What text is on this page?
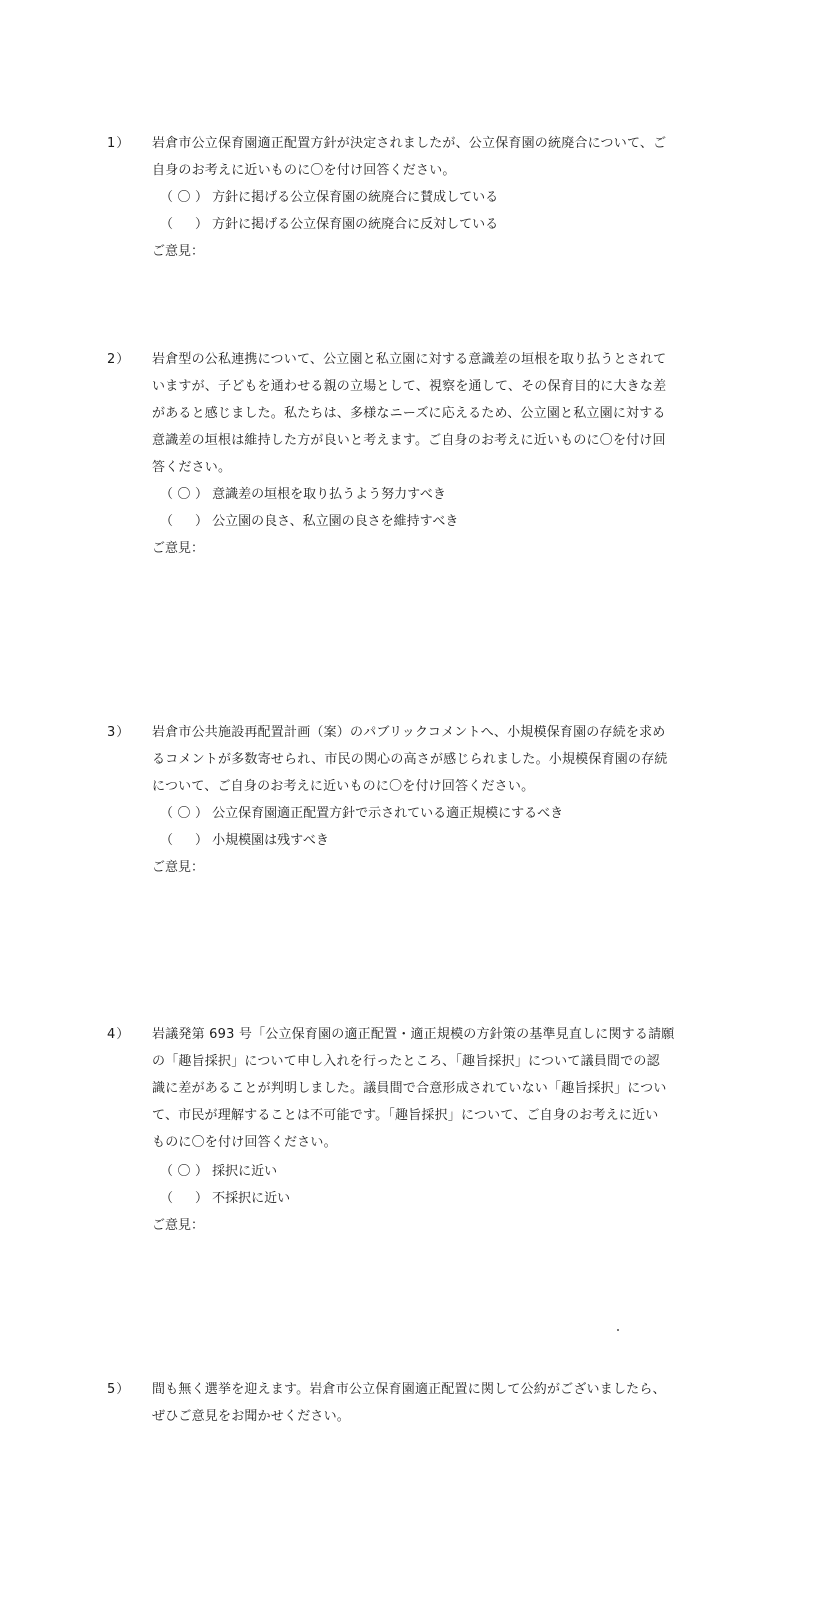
1） 岩倉市公立保育園適正配置方針が決定されましたが、公立保育園の統廃合について、ご
自身のお考えに近いものに〇を付け回答ください。
（ 〇 ） 方針に掲げる公立保育園の統廃合に賛成している
（ ） 方針に掲げる公立保育園の統廃合に反対している
ご意見：
2） 岩倉型の公私連携について、公立園と私立園に対する意識差の垣根を取り払うとされて
いますが、子どもを通わせる親の立場として、視察を通して、その保育目的に大きな差
があると感じました。私たちは、多様なニーズに応えるため、公立園と私立園に対する
意識差の垣根は維持した方が良いと考えます。ご自身のお考えに近いものに〇を付け回
答ください。
（ 〇 ） 意識差の垣根を取り払うよう努力すべき
（ ） 公立園の良さ、私立園の良さを維持すべき
ご意見：
3） 岩倉市公共施設再配置計画（案）のパブリックコメントへ、小規模保育園の存続を求め
るコメントが多数寄せられ、市民の関心の高さが感じられました。小規模保育園の存続
について、ご自身のお考えに近いものに〇を付け回答ください。
（ 〇 ） 公立保育園適正配置方針で示されている適正規模にするべき
（ ） 小規模園は残すべき
ご意見：
4） 岩議発第 693 号「公立保育園の適正配置・適正規模の方針策の基準見直しに関する請願
の「趣旨採択」について申し入れを行ったところ、「趣旨採択」について議員間での認
識に差があることが判明しました。議員間で合意形成されていない「趣旨採択」につい
て、市民が理解することは不可能です。「趣旨採択」について、ご自身のお考えに近い
ものに〇を付け回答ください。
（ 〇 ） 採択に近い
（ ） 不採択に近い
ご意見：
5） 間も無く選挙を迎えます。岩倉市公立保育園適正配置に関して公約がございましたら、
ぜひご意見をお聞かせください。
